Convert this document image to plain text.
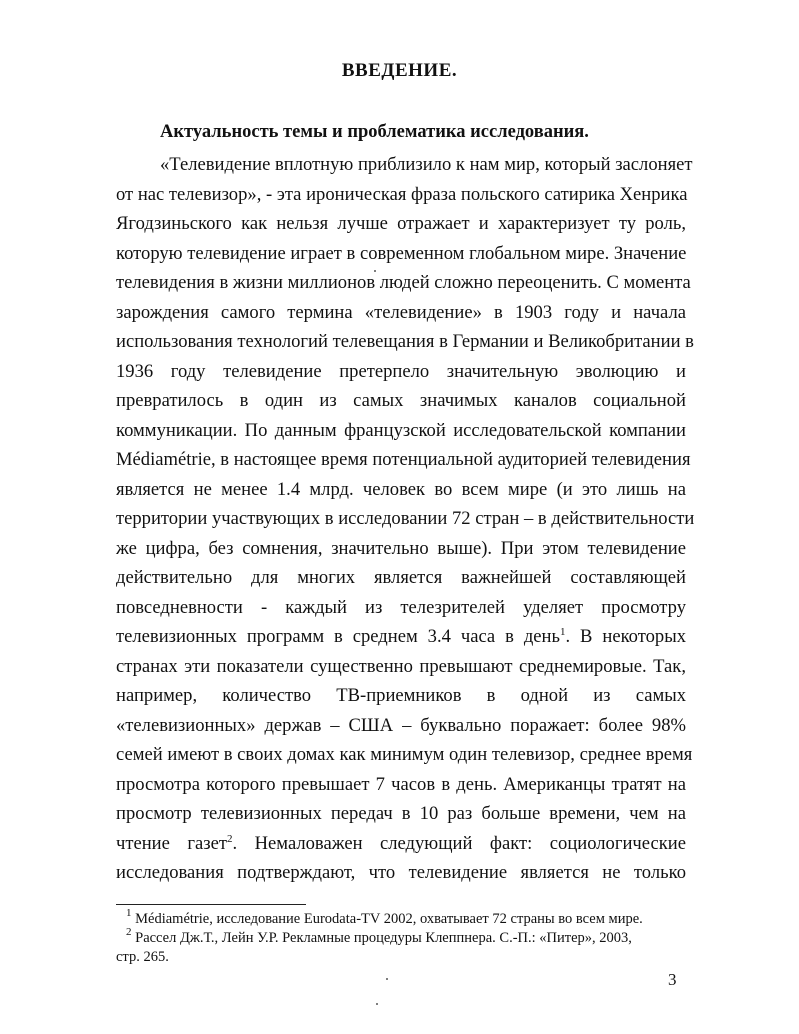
ВВЕДЕНИЕ.
Актуальность темы и проблематика исследования.
«Телевидение вплотную приблизило к нам мир, который заслоняет
от нас телевизор», - эта ироническая фраза польского сатирика Хенрика
Ягодзиньского как нельзя лучше отражает и характеризует ту роль,
которую телевидение играет в современном глобальном мире. Значение
телевидения в жизни миллионов людей сложно переоценить. С момента
зарождения самого термина «телевидение» в 1903 году и начала
использования технологий телевещания в Германии и Великобритании в
1936 году телевидение претерпело значительную эволюцию и
превратилось в один из самых значимых каналов социальной
коммуникации. По данным французской исследовательской компании
Médiamétrie, в настоящее время потенциальной аудиторией телевидения
является не менее 1.4 млрд. человек во всем мире (и это лишь на
территории участвующих в исследовании 72 стран – в действительности
же цифра, без сомнения, значительно выше). При этом телевидение
действительно для многих является важнейшей составляющей
повседневности - каждый из телезрителей уделяет просмотру
телевизионных программ в среднем 3.4 часа в день$^1$. В некоторых
странах эти показатели существенно превышают среднемировые. Так,
например, количество ТВ-приемников в одной из самых
«телевизионных» держав – США – буквально поражает: более 98%
семей имеют в своих домах как минимум один телевизор, среднее время
просмотра которого превышает 7 часов в день. Американцы тратят на
просмотр телевизионных передач в 10 раз больше времени, чем на
чтение газет$^2$. Немаловажен следующий факт: социологические
исследования подтверждают, что телевидение является не только
$^1$ Médiamétrie, исследование Eurodata-TV 2002, охватывает 72 страны во всем мире.
$^2$ Рассел Дж.Т., Лейн У.Р. Рекламные процедуры Клеппнера. С.-П.: «Питер», 2003,
стр. 265.
3
